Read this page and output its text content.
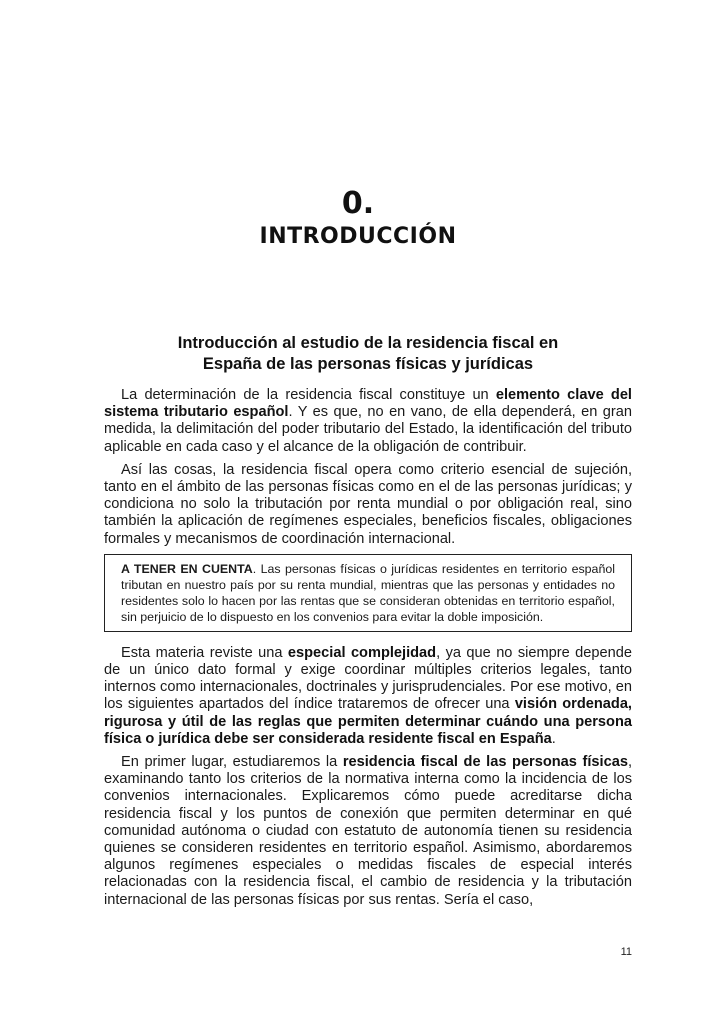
0.
INTRODUCCIÓN
Introducción al estudio de la residencia fiscal en
España de las personas físicas y jurídicas

La determinación de la residencia fiscal constituye un elemento clave del sistema tributario español. Y es que, no en vano, de ella dependerá, en gran medida, la delimitación del poder tributario del Estado, la identificación del tributo aplicable en cada caso y el alcance de la obligación de contribuir.

Así las cosas, la residencia fiscal opera como criterio esencial de sujeción, tanto en el ámbito de las personas físicas como en el de las personas jurídicas; y condiciona no solo la tributación por renta mundial o por obligación real, sino también la aplicación de regímenes especiales, beneficios fiscales, obligaciones formales y mecanismos de coordinación internacional.

A TENER EN CUENTA. Las personas físicas o jurídicas residentes en territorio español tributan en nuestro país por su renta mundial, mientras que las personas y entidades no residentes solo lo hacen por las rentas que se consideran obtenidas en territorio español, sin perjuicio de lo dispuesto en los convenios para evitar la doble imposición.

Esta materia reviste una especial complejidad, ya que no siempre depende de un único dato formal y exige coordinar múltiples criterios legales, tanto internos como internacionales, doctrinales y jurisprudenciales. Por ese motivo, en los siguientes apartados del índice trataremos de ofrecer una visión ordenada, rigurosa y útil de las reglas que permiten determinar cuándo una persona física o jurídica debe ser considerada residente fiscal en España.

En primer lugar, estudiaremos la residencia fiscal de las personas físicas, examinando tanto los criterios de la normativa interna como la incidencia de los convenios internacionales. Explicaremos cómo puede acreditarse dicha residencia fiscal y los puntos de conexión que permiten determinar en qué comunidad autónoma o ciudad con estatuto de autonomía tienen su residencia quienes se consideren residentes en territorio español. Asimismo, abordaremos algunos regímenes especiales o medidas fiscales de especial interés relacionadas con la residencia fiscal, el cambio de residencia y la tributación internacional de las personas físicas por sus rentas. Sería el caso,

11
